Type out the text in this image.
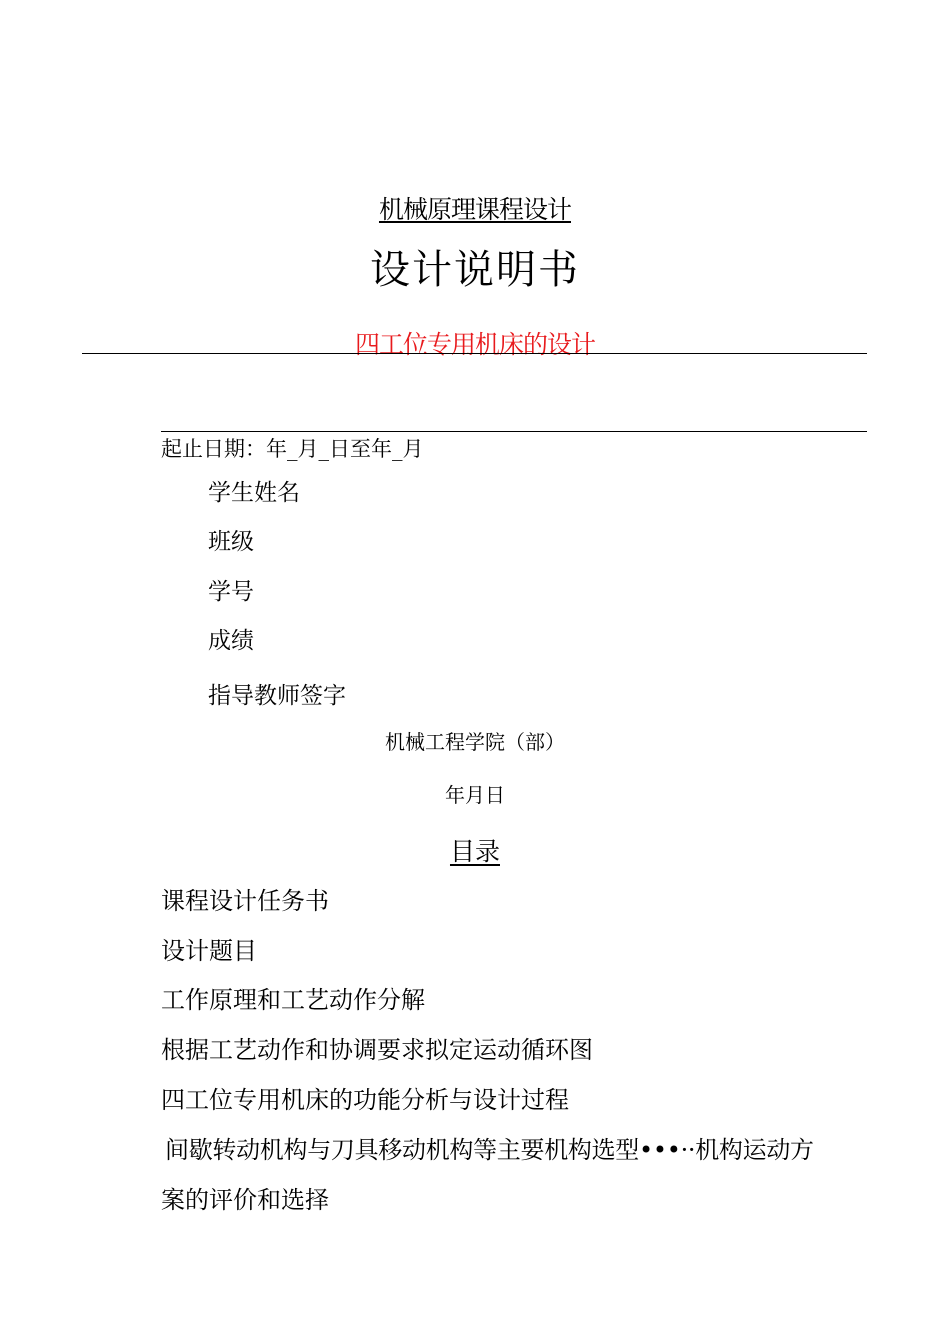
机械原理课程设计
设计说明书
四工位专用机床的设计
起止日期：年_月_日至年_月
学生姓名
班级
学号
成绩
指导教师签字
机械工程学院（部）
年月日
目录
课程设计任务书
设计题目
工作原理和工艺动作分解
根据工艺动作和协调要求拟定运动循环图
四工位专用机床的功能分析与设计过程
间歇转动机构与刀具移动机构等主要机构选型•••··机构运动方
案的评价和选择
